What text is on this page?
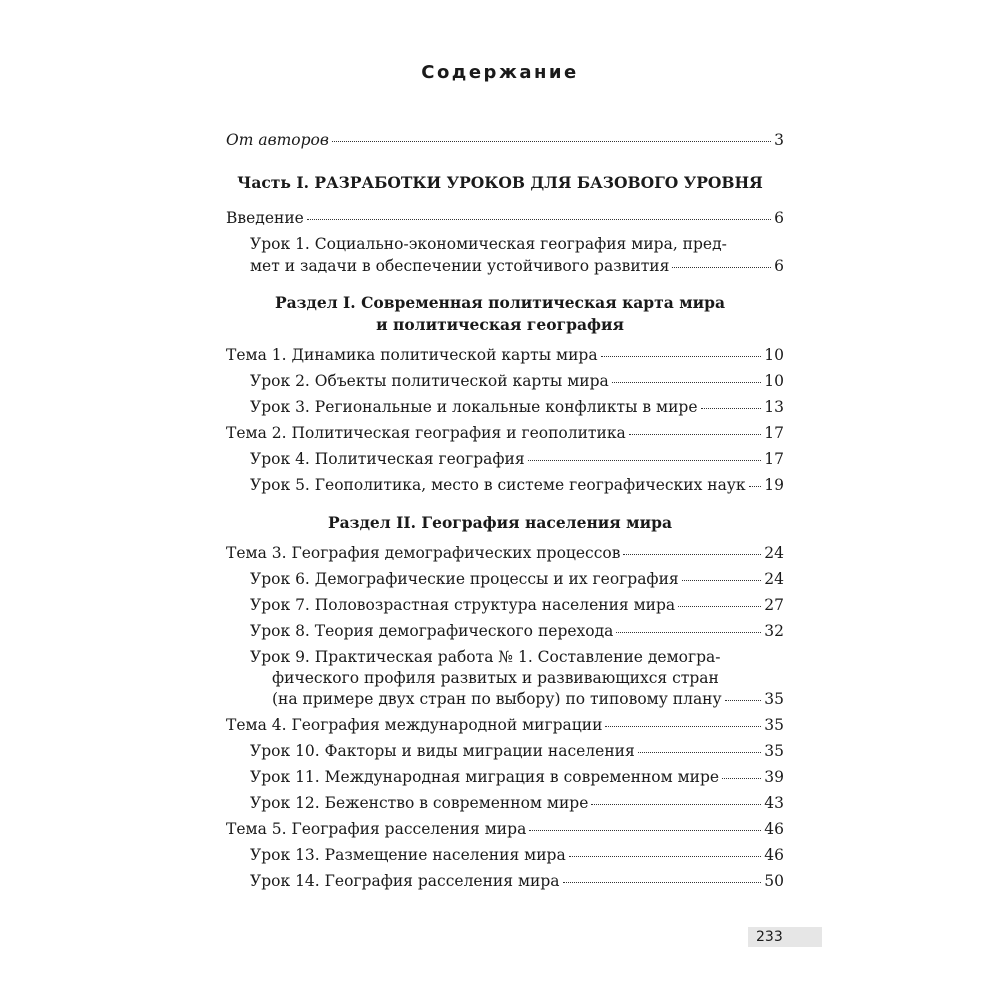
Содержание
От авторов	3
Часть I. РАЗРАБОТКИ УРОКОВ ДЛЯ БАЗОВОГО УРОВНЯ
Введение	6
Урок 1. Социально-экономическая география мира, пред-
мет и задачи в обеспечении устойчивого развития	6
Раздел I. Современная политическая карта мира
и политическая география
Тема 1. Динамика политической карты мира	10
Урок 2. Объекты политической карты мира	10
Урок 3. Региональные и локальные конфликты в мире	13
Тема 2. Политическая география и геополитика	17
Урок 4. Политическая география	17
Урок 5. Геополитика, место в системе географических наук 19
Раздел II. География населения мира
Тема 3. География демографических процессов	24
Урок 6. Демографические процессы и их география	24
Урок 7. Половозрастная структура населения мира	27
Урок 8. Теория демографического перехода	32
Урок 9. Практическая работа № 1. Составление демогра-
фического профиля развитых и развивающихся стран
(на примере двух стран по выбору) по типовому плану	35
Тема 4. География международной миграции	35
Урок 10. Факторы и виды миграции населения	35
Урок 11. Международная миграция в современном мире	39
Урок 12. Беженство в современном мире	43
Тема 5. География расселения мира	46
Урок 13. Размещение населения мира	46
Урок 14. География расселения мира	50
233
